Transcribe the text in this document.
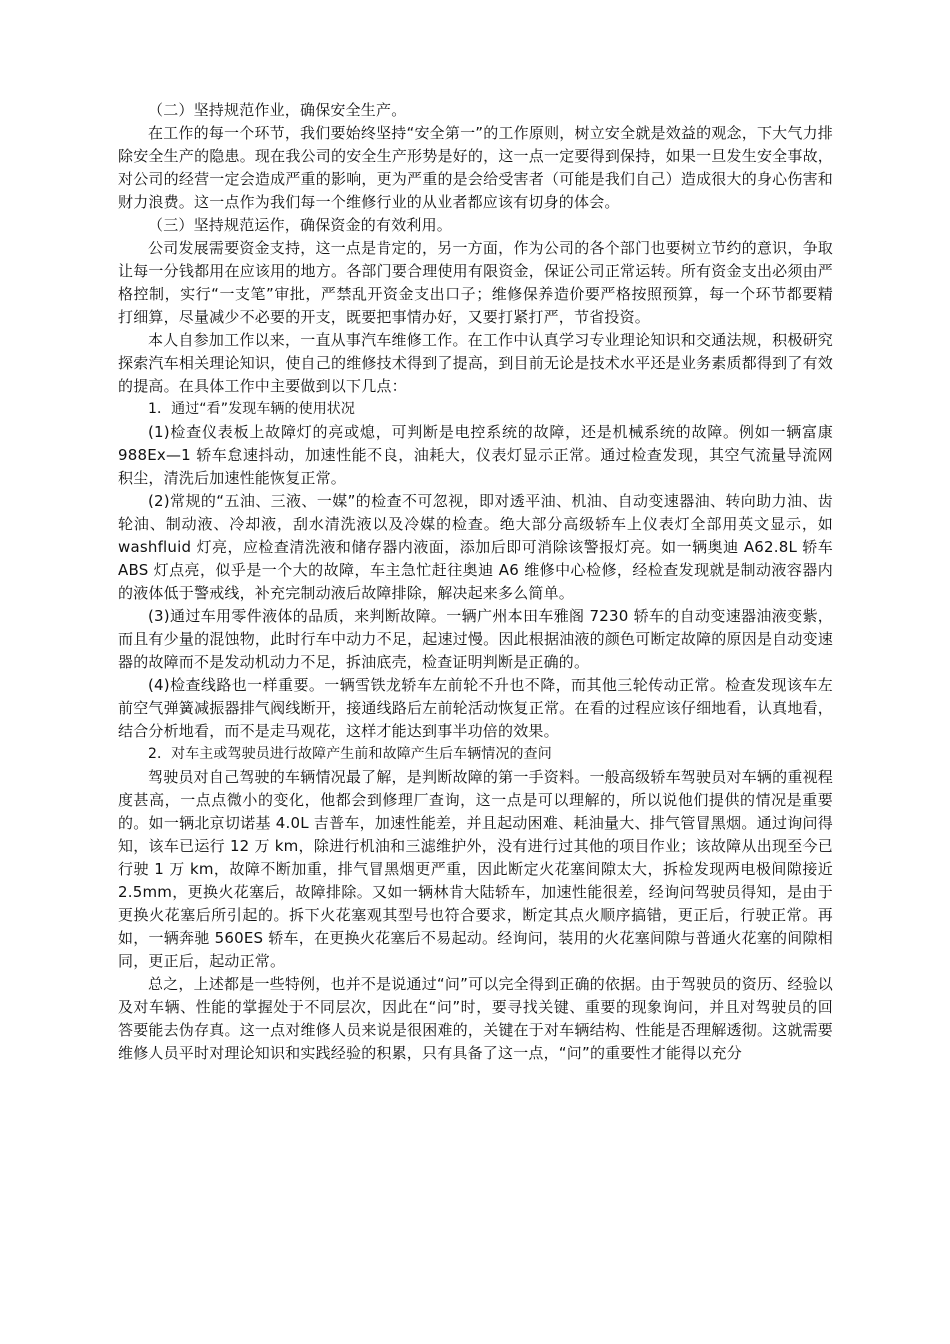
（二）坚持规范作业，确保安全生产。

在工作的每一个环节，我们要始终坚持“安全第一”的工作原则，树立安全就是效益的观念，下大气力排除安全生产的隐患。现在我公司的安全生产形势是好的，这一点一定要得到保持，如果一旦发生安全事故，对公司的经营一定会造成严重的影响，更为严重的是会给受害者（可能是我们自己）造成很大的身心伤害和财力浪费。这一点作为我们每一个维修行业的从业者都应该有切身的体会。

（三）坚持规范运作，确保资金的有效利用。

公司发展需要资金支持，这一点是肯定的，另一方面，作为公司的各个部门也要树立节约的意识，争取让每一分钱都用在应该用的地方。各部门要合理使用有限资金，保证公司正常运转。所有资金支出必须由严格控制，实行“一支笔”审批，严禁乱开资金支出口子；维修保养造价要严格按照预算，每一个环节都要精打细算，尽量减少不必要的开支，既要把事情办好，又要打紧打严，节省投资。

本人自参加工作以来，一直从事汽车维修工作。在工作中认真学习专业理论知识和交通法规，积极研究探索汽车相关理论知识，使自己的维修技术得到了提高，到目前无论是技术水平还是业务素质都得到了有效的提高。在具体工作中主要做到以下几点：

1．通过“看”发现车辆的使用状况

(1)检查仪表板上故障灯的亮或熄，可判断是电控系统的故障，还是机械系统的故障。例如一辆富康 988Ex—1 轿车怠速抖动，加速性能不良，油耗大，仪表灯显示正常。通过检查发现，其空气流量导流网积尘，清洗后加速性能恢复正常。

(2)常规的“五油、三液、一媒”的检查不可忽视，即对透平油、机油、自动变速器油、转向助力油、齿轮油、制动液、冷却液，刮水清洗液以及冷媒的检查。绝大部分高级轿车上仪表灯全部用英文显示，如 washfluid 灯亮，应检查清洗液和储存器内液面，添加后即可消除该警报灯亮。如一辆奥迪 A62.8L 轿车 ABS 灯点亮，似乎是一个大的故障，车主急忙赶往奥迪 A6 维修中心检修，经检查发现就是制动液容器内的液体低于警戒线，补充完制动液后故障排除，解决起来多么简单。

(3)通过车用零件液体的品质，来判断故障。一辆广州本田车雅阁 7230 轿车的自动变速器油液变紫，而且有少量的混蚀物，此时行车中动力不足，起速过慢。因此根据油液的颜色可断定故障的原因是自动变速器的故障而不是发动机动力不足，拆油底壳，检查证明判断是正确的。

(4)检查线路也一样重要。一辆雪铁龙轿车左前轮不升也不降，而其他三轮传动正常。检查发现该车左前空气弹簧减振器排气阀线断开，接通线路后左前轮活动恢复正常。在看的过程应该仔细地看，认真地看，结合分析地看，而不是走马观花，这样才能达到事半功倍的效果。

2．对车主或驾驶员进行故障产生前和故障产生后车辆情况的查问

驾驶员对自己驾驶的车辆情况最了解，是判断故障的第一手资料。一般高级轿车驾驶员对车辆的重视程度甚高，一点点微小的变化，他都会到修理厂查询，这一点是可以理解的，所以说他们提供的情况是重要的。如一辆北京切诺基 4.0L 吉普车，加速性能差，并且起动困难、耗油量大、排气管冒黑烟。通过询问得知，该车已运行 12 万 km，除进行机油和三滤维护外，没有进行过其他的项目作业；该故障从出现至今已行驶 1 万 km，故障不断加重，排气冒黑烟更严重，因此断定火花塞间隙太大，拆检发现两电极间隙接近 2.5mm，更换火花塞后，故障排除。又如一辆林肯大陆轿车，加速性能很差，经询问驾驶员得知，是由于更换火花塞后所引起的。拆下火花塞观其型号也符合要求，断定其点火顺序搞错，更正后，行驶正常。再如，一辆奔驰 560ES 轿车，在更换火花塞后不易起动。经询问，装用的火花塞间隙与普通火花塞的间隙相同，更正后，起动正常。

总之，上述都是一些特例，也并不是说通过“问”可以完全得到正确的依据。由于驾驶员的资历、经验以及对车辆、性能的掌握处于不同层次，因此在“问”时，要寻找关键、重要的现象询问，并且对驾驶员的回答要能去伪存真。这一点对维修人员来说是很困难的，关键在于对车辆结构、性能是否理解透彻。这就需要维修人员平时对理论知识和实践经验的积累，只有具备了这一点，“问”的重要性才能得以充分
